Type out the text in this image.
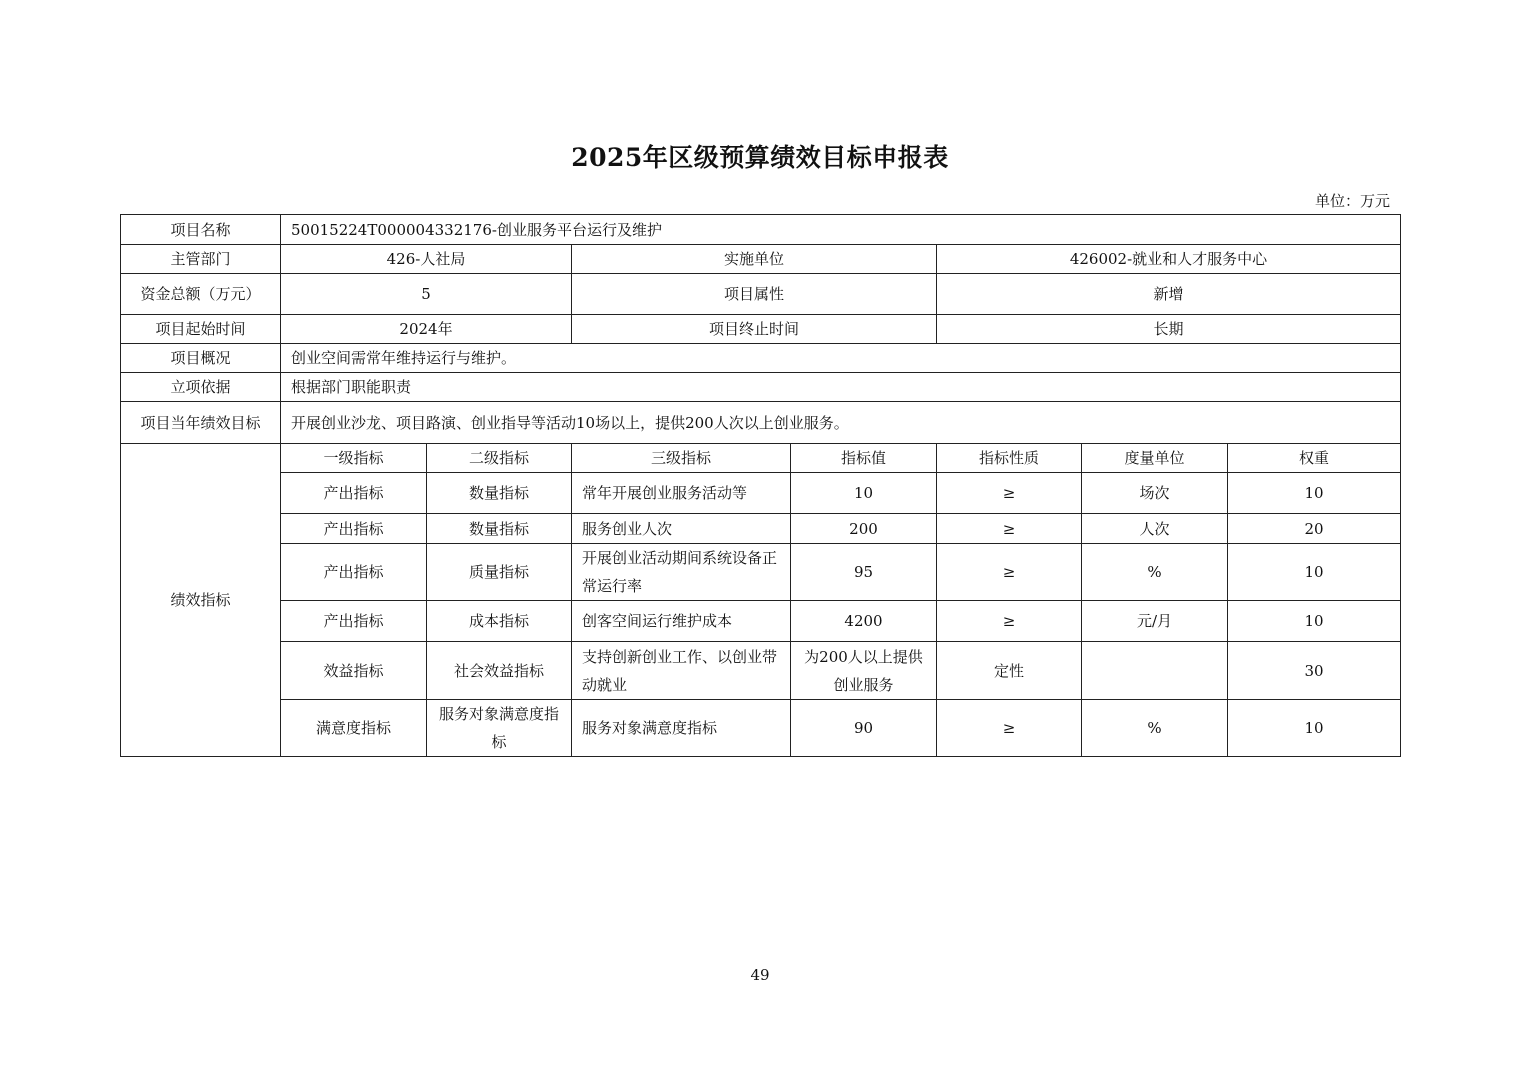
2025年区级预算绩效目标申报表
单位：万元
项目名称	50015224T000004332176-创业服务平台运行及维护						
主管部门	426-人社局		实施单位		426002-就业和人才服务中心		
资金总额（万元）	5		项目属性		新增		
项目起始时间	2024年		项目终止时间		长期		
项目概况	创业空间需常年维持运行与维护。						
立项依据	根据部门职能职责						
项目当年绩效目标	开展创业沙龙、项目路演、创业指导等活动10场以上，提供200人次以上创业服务。						
绩效指标	一级指标	二级指标	三级指标	指标值	指标性质	度量单位	权重
	产出指标	数量指标	常年开展创业服务活动等	10	≥	场次	10
	产出指标	数量指标	服务创业人次	200	≥	人次	20
	产出指标	质量指标	开展创业活动期间系统设备正常运行率	95	≥	%	10
	产出指标	成本指标	创客空间运行维护成本	4200	≥	元/月	10
	效益指标	社会效益指标	支持创新创业工作、以创业带动就业	为200人以上提供创业服务	定性		30
	满意度指标	服务对象满意度指标	服务对象满意度指标	90	≥	%	10
49
